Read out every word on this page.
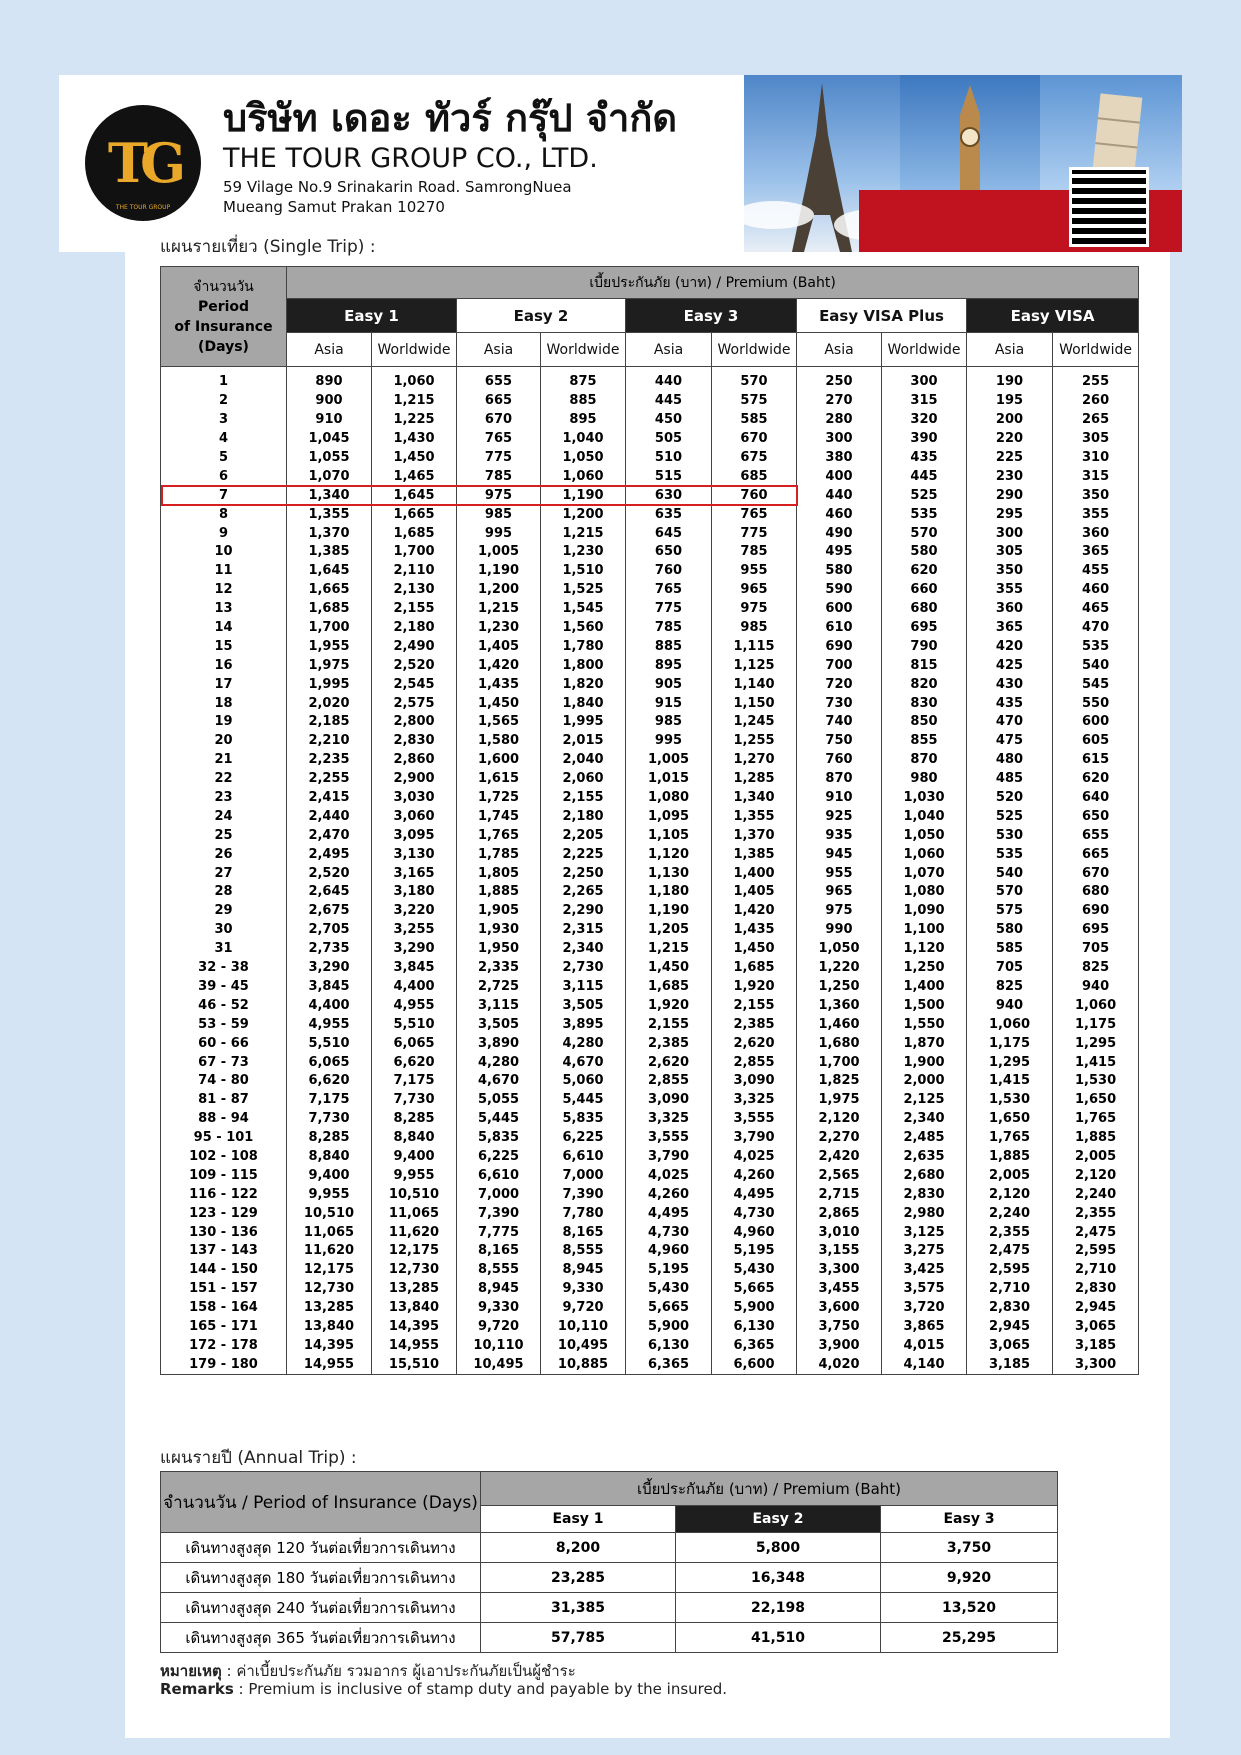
TG
THE TOUR GROUP
บริษัท เดอะ ทัวร์ กรุ๊ป จำกัด
THE TOUR GROUP CO., LTD.
59 Vilage No.9 Srinakarin Road. SamrongNuea
Mueang Samut Prakan 10270
แผนรายเที่ยว (Single Trip) :
จำนวนวัน
Period
of Insurance
(Days)	เบี้ยประกันภัย (บาท) / Premium (Baht)									
	Easy 1		Easy 2		Easy 3		Easy VISA Plus		Easy VISA	
	Asia	Worldwide	Asia	Worldwide	Asia	Worldwide	Asia	Worldwide	Asia	Worldwide
1	890	1,060	655	875	440	570	250	300	190	255
2	900	1,215	665	885	445	575	270	315	195	260
3	910	1,225	670	895	450	585	280	320	200	265
4	1,045	1,430	765	1,040	505	670	300	390	220	305
5	1,055	1,450	775	1,050	510	675	380	435	225	310
6	1,070	1,465	785	1,060	515	685	400	445	230	315
7	1,340	1,645	975	1,190	630	760	440	525	290	350
8	1,355	1,665	985	1,200	635	765	460	535	295	355
9	1,370	1,685	995	1,215	645	775	490	570	300	360
10	1,385	1,700	1,005	1,230	650	785	495	580	305	365
11	1,645	2,110	1,190	1,510	760	955	580	620	350	455
12	1,665	2,130	1,200	1,525	765	965	590	660	355	460
13	1,685	2,155	1,215	1,545	775	975	600	680	360	465
14	1,700	2,180	1,230	1,560	785	985	610	695	365	470
15	1,955	2,490	1,405	1,780	885	1,115	690	790	420	535
16	1,975	2,520	1,420	1,800	895	1,125	700	815	425	540
17	1,995	2,545	1,435	1,820	905	1,140	720	820	430	545
18	2,020	2,575	1,450	1,840	915	1,150	730	830	435	550
19	2,185	2,800	1,565	1,995	985	1,245	740	850	470	600
20	2,210	2,830	1,580	2,015	995	1,255	750	855	475	605
21	2,235	2,860	1,600	2,040	1,005	1,270	760	870	480	615
22	2,255	2,900	1,615	2,060	1,015	1,285	870	980	485	620
23	2,415	3,030	1,725	2,155	1,080	1,340	910	1,030	520	640
24	2,440	3,060	1,745	2,180	1,095	1,355	925	1,040	525	650
25	2,470	3,095	1,765	2,205	1,105	1,370	935	1,050	530	655
26	2,495	3,130	1,785	2,225	1,120	1,385	945	1,060	535	665
27	2,520	3,165	1,805	2,250	1,130	1,400	955	1,070	540	670
28	2,645	3,180	1,885	2,265	1,180	1,405	965	1,080	570	680
29	2,675	3,220	1,905	2,290	1,190	1,420	975	1,090	575	690
30	2,705	3,255	1,930	2,315	1,205	1,435	990	1,100	580	695
31	2,735	3,290	1,950	2,340	1,215	1,450	1,050	1,120	585	705
32 - 38	3,290	3,845	2,335	2,730	1,450	1,685	1,220	1,250	705	825
39 - 45	3,845	4,400	2,725	3,115	1,685	1,920	1,250	1,400	825	940
46 - 52	4,400	4,955	3,115	3,505	1,920	2,155	1,360	1,500	940	1,060
53 - 59	4,955	5,510	3,505	3,895	2,155	2,385	1,460	1,550	1,060	1,175
60 - 66	5,510	6,065	3,890	4,280	2,385	2,620	1,680	1,870	1,175	1,295
67 - 73	6,065	6,620	4,280	4,670	2,620	2,855	1,700	1,900	1,295	1,415
74 - 80	6,620	7,175	4,670	5,060	2,855	3,090	1,825	2,000	1,415	1,530
81 - 87	7,175	7,730	5,055	5,445	3,090	3,325	1,975	2,125	1,530	1,650
88 - 94	7,730	8,285	5,445	5,835	3,325	3,555	2,120	2,340	1,650	1,765
95 - 101	8,285	8,840	5,835	6,225	3,555	3,790	2,270	2,485	1,765	1,885
102 - 108	8,840	9,400	6,225	6,610	3,790	4,025	2,420	2,635	1,885	2,005
109 - 115	9,400	9,955	6,610	7,000	4,025	4,260	2,565	2,680	2,005	2,120
116 - 122	9,955	10,510	7,000	7,390	4,260	4,495	2,715	2,830	2,120	2,240
123 - 129	10,510	11,065	7,390	7,780	4,495	4,730	2,865	2,980	2,240	2,355
130 - 136	11,065	11,620	7,775	8,165	4,730	4,960	3,010	3,125	2,355	2,475
137 - 143	11,620	12,175	8,165	8,555	4,960	5,195	3,155	3,275	2,475	2,595
144 - 150	12,175	12,730	8,555	8,945	5,195	5,430	3,300	3,425	2,595	2,710
151 - 157	12,730	13,285	8,945	9,330	5,430	5,665	3,455	3,575	2,710	2,830
158 - 164	13,285	13,840	9,330	9,720	5,665	5,900	3,600	3,720	2,830	2,945
165 - 171	13,840	14,395	9,720	10,110	5,900	6,130	3,750	3,865	2,945	3,065
172 - 178	14,395	14,955	10,110	10,495	6,130	6,365	3,900	4,015	3,065	3,185
179 - 180	14,955	15,510	10,495	10,885	6,365	6,600	4,020	4,140	3,185	3,300
แผนรายปี (Annual Trip) :
จำนวนวัน / Period of Insurance (Days)	เบี้ยประกันภัย (บาท) / Premium (Baht)		
	Easy 1	Easy 2	Easy 3
เดินทางสูงสุด 120 วันต่อเที่ยวการเดินทาง	8,200	5,800	3,750
เดินทางสูงสุด 180 วันต่อเที่ยวการเดินทาง	23,285	16,348	9,920
เดินทางสูงสุด 240 วันต่อเที่ยวการเดินทาง	31,385	22,198	13,520
เดินทางสูงสุด 365 วันต่อเที่ยวการเดินทาง	57,785	41,510	25,295
หมายเหตุ : ค่าเบี้ยประกันภัย รวมอากร ผู้เอาประกันภัยเป็นผู้ชำระ
Remarks : Premium is inclusive of stamp duty and payable by the insured.
